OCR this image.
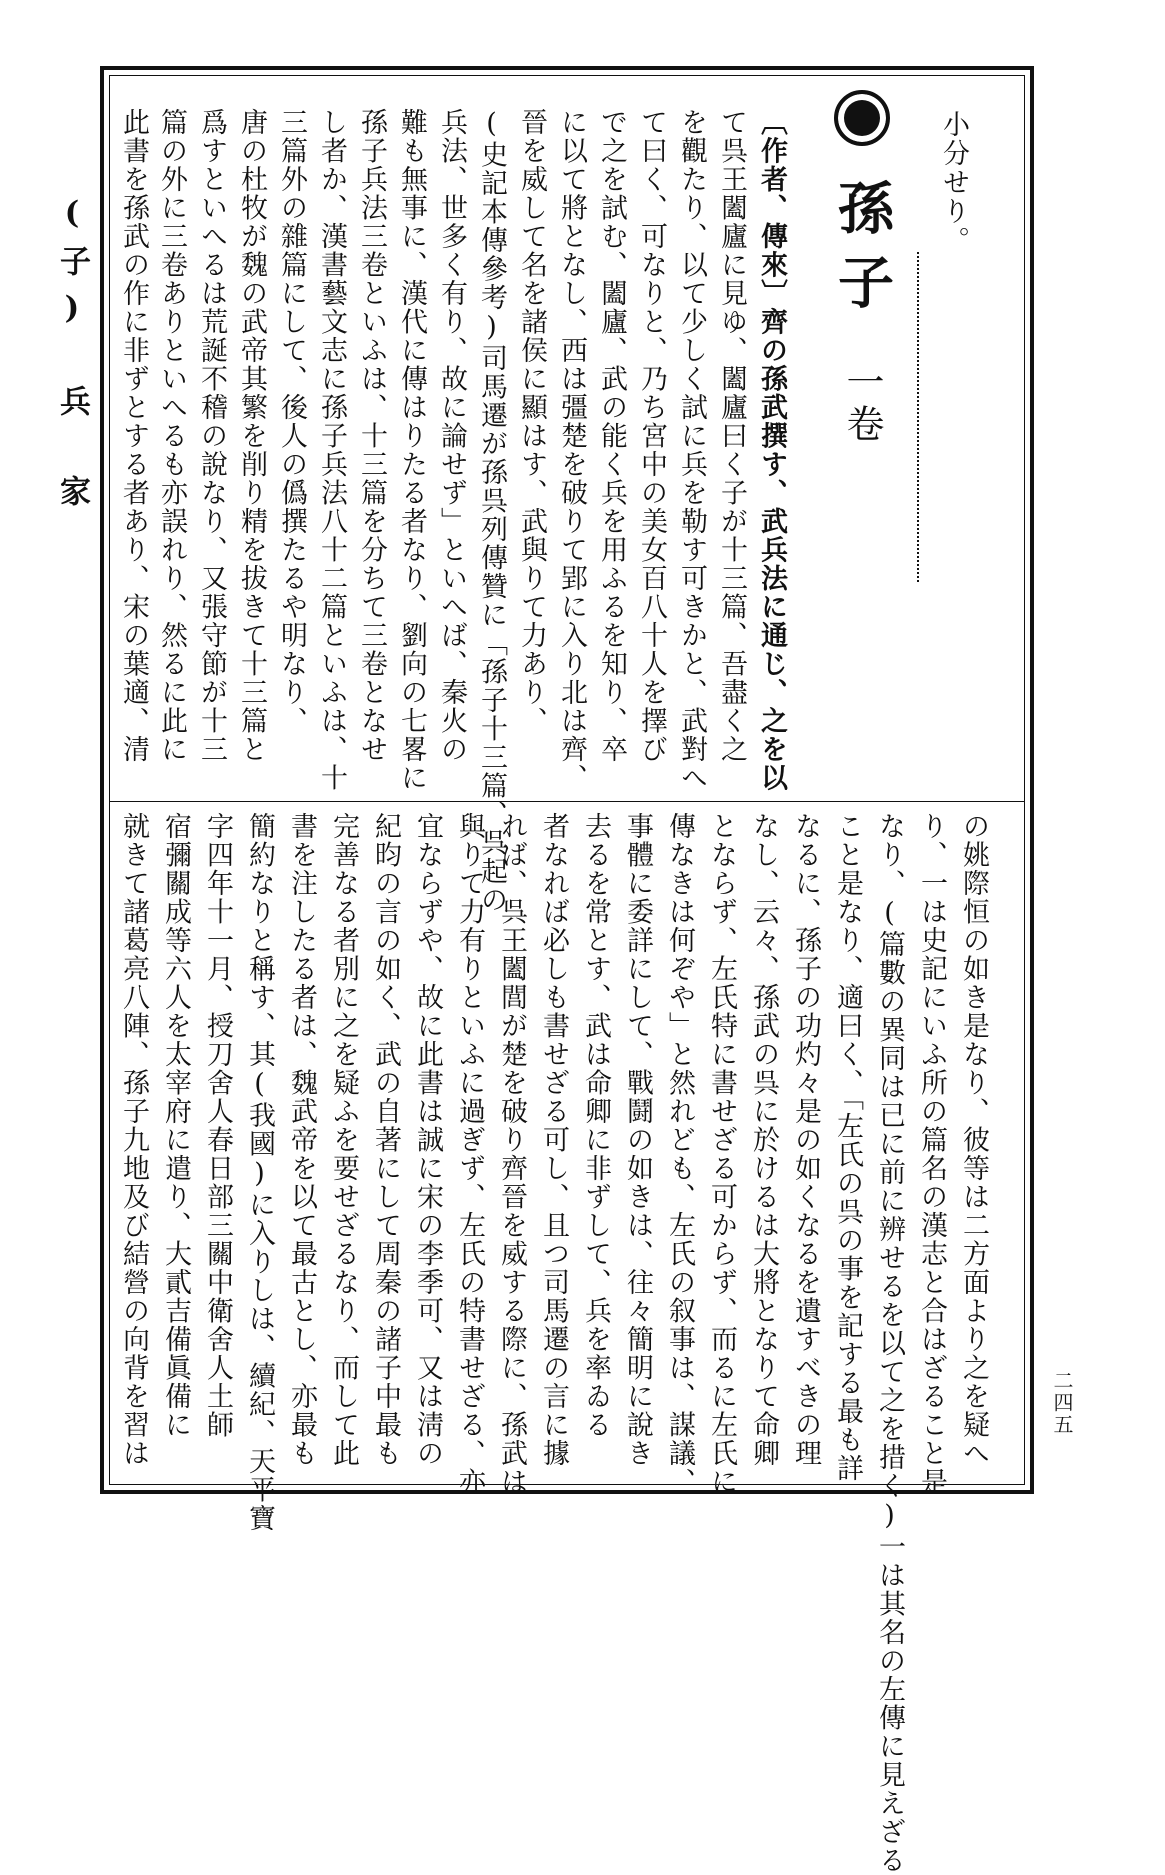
(子)　兵　家
小分せり。
孫子 一卷
〔作者、傳來〕齊の孫武撰す、武兵法に通じ、之を以
て呉王闔廬に見ゆ、闔廬曰く子が十三篇、吾盡く之
を觀たり、以て少しく試に兵を勒す可きかと、武對へ
て曰く、可なりと、乃ち宮中の美女百八十人を擇び
で之を試む、闔廬、武の能く兵を用ふるを知り、卒
に以て將となし、西は彊楚を破りて郢に入り北は齊、
晉を威して名を諸侯に顯はす、武與りて力あり、
(史記本傳參考)司馬遷が孫呉列傳贊に「孫子十三篇、呉起の
兵法、世多く有り、故に論せず」といへば、秦火の
難も無事に、漢代に傳はりたる者なり、劉向の七畧に
孫子兵法三卷といふは、十三篇を分ちて三卷となせ
し者か、漢書藝文志に孫子兵法八十二篇といふは、十
三篇外の雜篇にして、後人の僞撰たるや明なり、
唐の杜牧が魏の武帝其繁を削り精を拔きて十三篇と
爲すといへるは荒誕不稽の說なり、又張守節が十三
篇の外に三卷ありといへるも亦誤れり、然るに此に
此書を孫武の作に非ずとする者あり、宋の葉適、清
の姚際恒の如き是なり、彼等は二方面より之を疑へ
り、一は史記にいふ所の篇名の漢志と合はざること是
なり、(篇數の異同は已に前に辨せるを以て之を措く)一は其名の左傳に見えざる
こと是なり、適曰く、「左氏の呉の事を記する最も詳
なるに、孫子の功灼々是の如くなるを遺すべきの理
なし、云々、孫武の呉に於けるは大將となりて命卿
とならず、左氏特に書せざる可からず、而るに左氏に
傳なきは何ぞや」と然れども、左氏の叙事は、謀議、
事體に委詳にして、戰鬪の如きは、往々簡明に說き
去るを常とす、武は命卿に非ずして、兵を率ゐる
者なれば必しも書せざる可し、且つ司馬遷の言に據
れば、呉王闔閭が楚を破り齊晉を威する際に、孫武は
與りて力有りといふに過ぎず、左氏の特書せざる、亦
宜ならずや、故に此書は誠に宋の李季可、又は淸の
紀昀の言の如く、武の自著にして周秦の諸子中最も
完善なる者別に之を疑ふを要せざるなり、而して此
書を注したる者は、魏武帝を以て最古とし、亦最も
簡約なりと稱す、其(我國)に入りしは、續紀、天平寶
字四年十一月、授刀舍人春日部三關中衛舍人土師
宿彌關成等六人を太宰府に遣り、大貳吉備眞備に
就きて諸葛亮八陣、孫子九地及び結營の向背を習は	二四五
